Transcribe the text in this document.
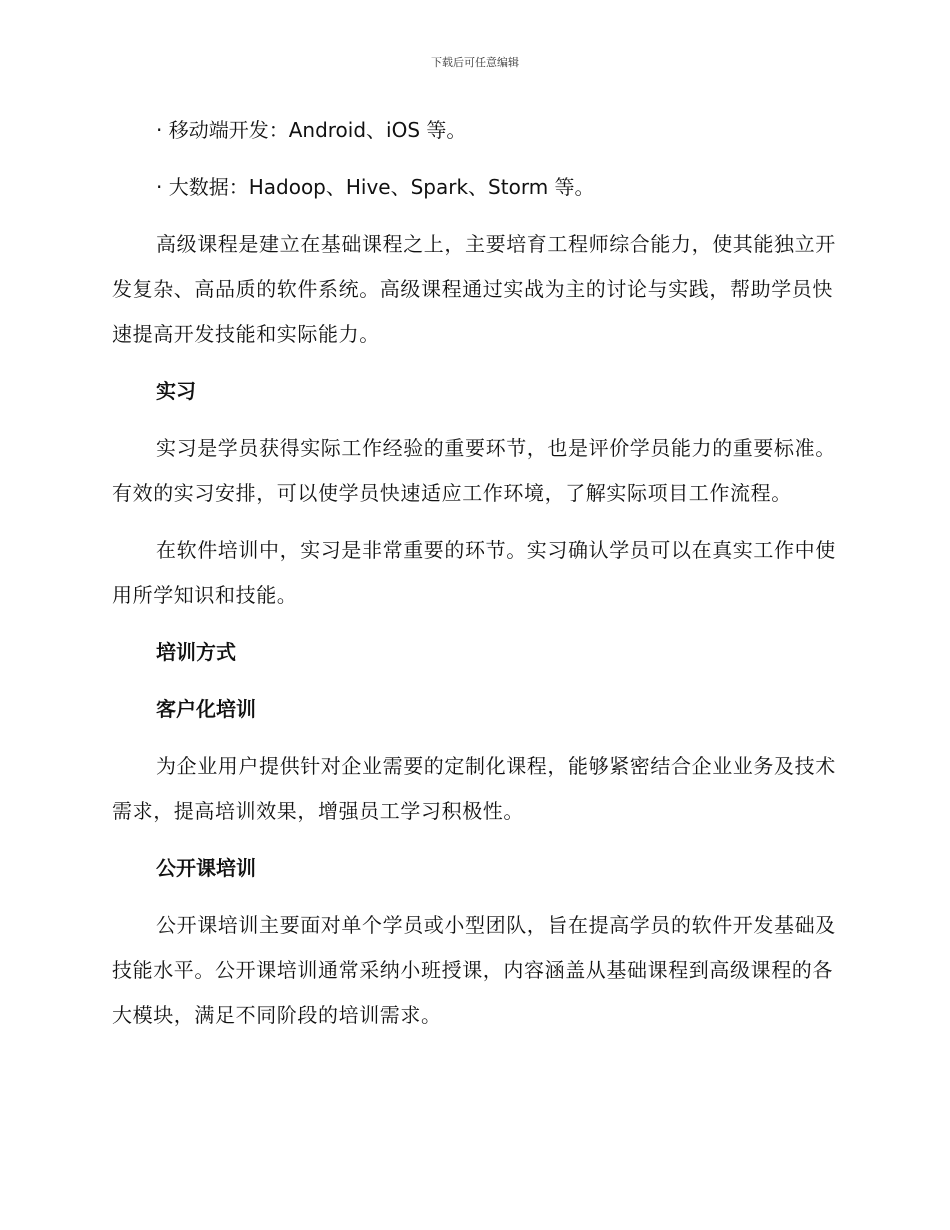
下载后可任意编辑
· 移动端开发：Android、iOS 等。
· 大数据：Hadoop、Hive、Spark、Storm 等。
高级课程是建立在基础课程之上，主要培育工程师综合能力，使其能独立开发复杂、高品质的软件系统。高级课程通过实战为主的讨论与实践，帮助学员快速提高开发技能和实际能力。
实习
实习是学员获得实际工作经验的重要环节，也是评价学员能力的重要标准。有效的实习安排，可以使学员快速适应工作环境，了解实际项目工作流程。
在软件培训中，实习是非常重要的环节。实习确认学员可以在真实工作中使用所学知识和技能。
培训方式
客户化培训
为企业用户提供针对企业需要的定制化课程，能够紧密结合企业业务及技术需求，提高培训效果，增强员工学习积极性。
公开课培训
公开课培训主要面对单个学员或小型团队，旨在提高学员的软件开发基础及技能水平。公开课培训通常采纳小班授课，内容涵盖从基础课程到高级课程的各大模块，满足不同阶段的培训需求。
